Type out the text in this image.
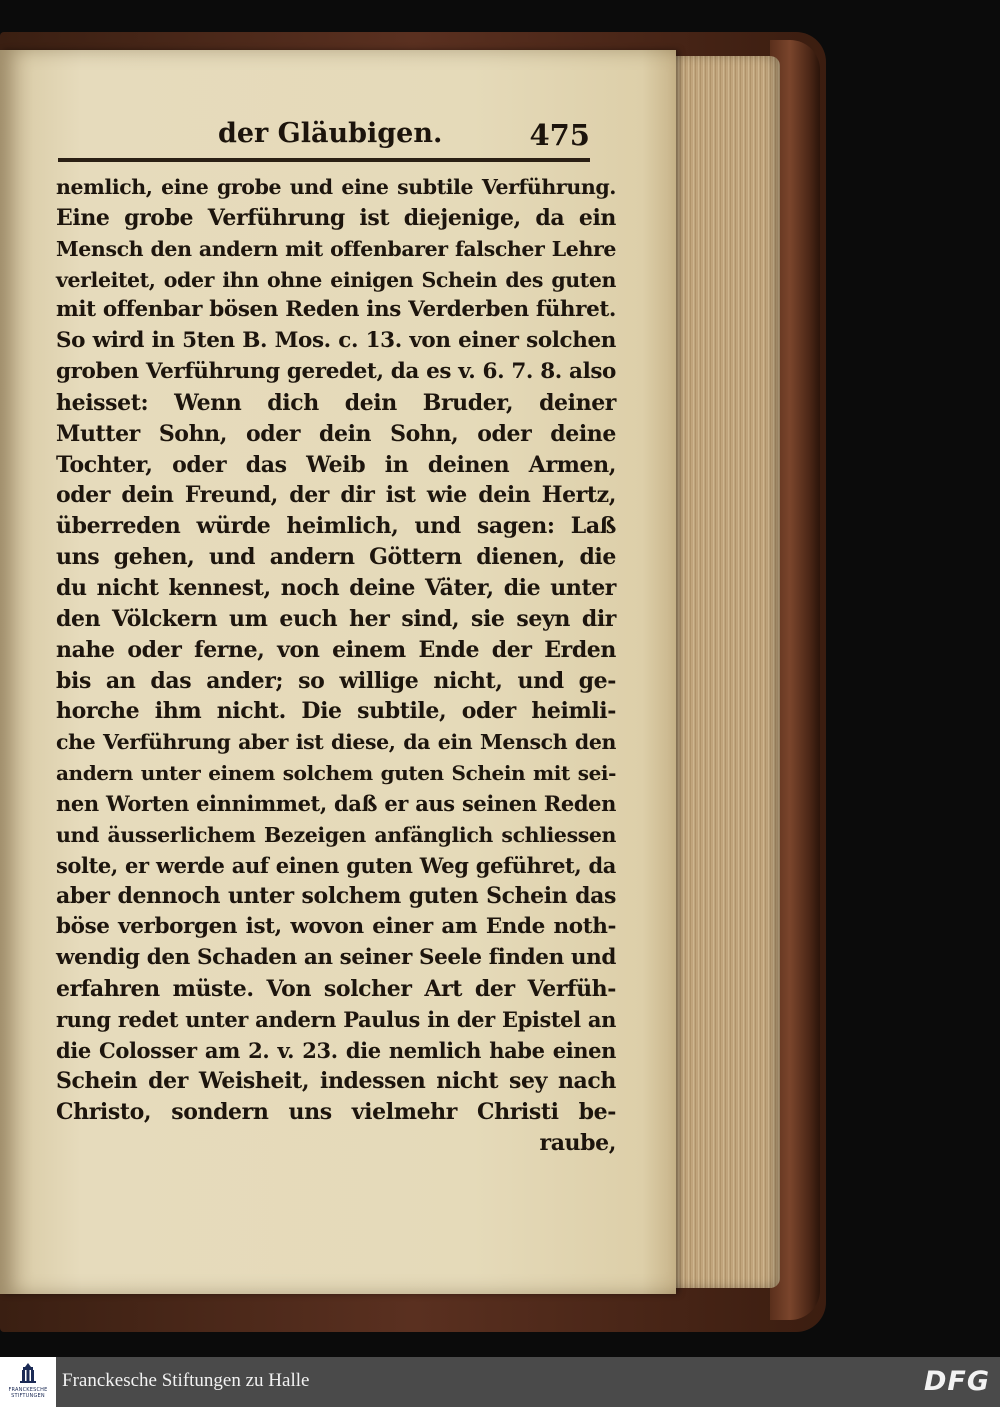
der Gläubigen.	475
nemlich, eine grobe und eine subtile Verführung.
Eine grobe Verführung ist diejenige, da ein
Mensch den andern mit offenbarer falscher Lehre
verleitet, oder ihn ohne einigen Schein des guten
mit offenbar bösen Reden ins Verderben führet.
So wird in 5ten B. Mos. c. 13. von einer solchen
groben Verführung geredet, da es v. 6. 7. 8. also
heisset: Wenn dich dein Bruder, deiner
Mutter Sohn, oder dein Sohn, oder deine
Tochter, oder das Weib in deinen Armen,
oder dein Freund, der dir ist wie dein Hertz,
überreden würde heimlich, und sagen: Laß
uns gehen, und andern Göttern dienen, die
du nicht kennest, noch deine Väter, die unter
den Völckern um euch her sind, sie seyn dir
nahe oder ferne, von einem Ende der Erden
bis an das ander; so willige nicht, und ge-
horche ihm nicht. Die subtile, oder heimli-
che Verführung aber ist diese, da ein Mensch den
andern unter einem solchem guten Schein mit sei-
nen Worten einnimmet, daß er aus seinen Reden
und äusserlichem Bezeigen anfänglich schliessen
solte, er werde auf einen guten Weg geführet, da
aber dennoch unter solchem guten Schein das
böse verborgen ist, wovon einer am Ende noth-
wendig den Schaden an seiner Seele finden und
erfahren müste. Von solcher Art der Verfüh-
rung redet unter andern Paulus in der Epistel an
die Colosser am 2. v. 23. die nemlich habe einen
Schein der Weisheit, indessen nicht sey nach
Christo, sondern uns vielmehr Christi be-
raube,
FRANCKESCHE STIFTUNGEN
Franckesche Stiftungen zu Halle	DFG
